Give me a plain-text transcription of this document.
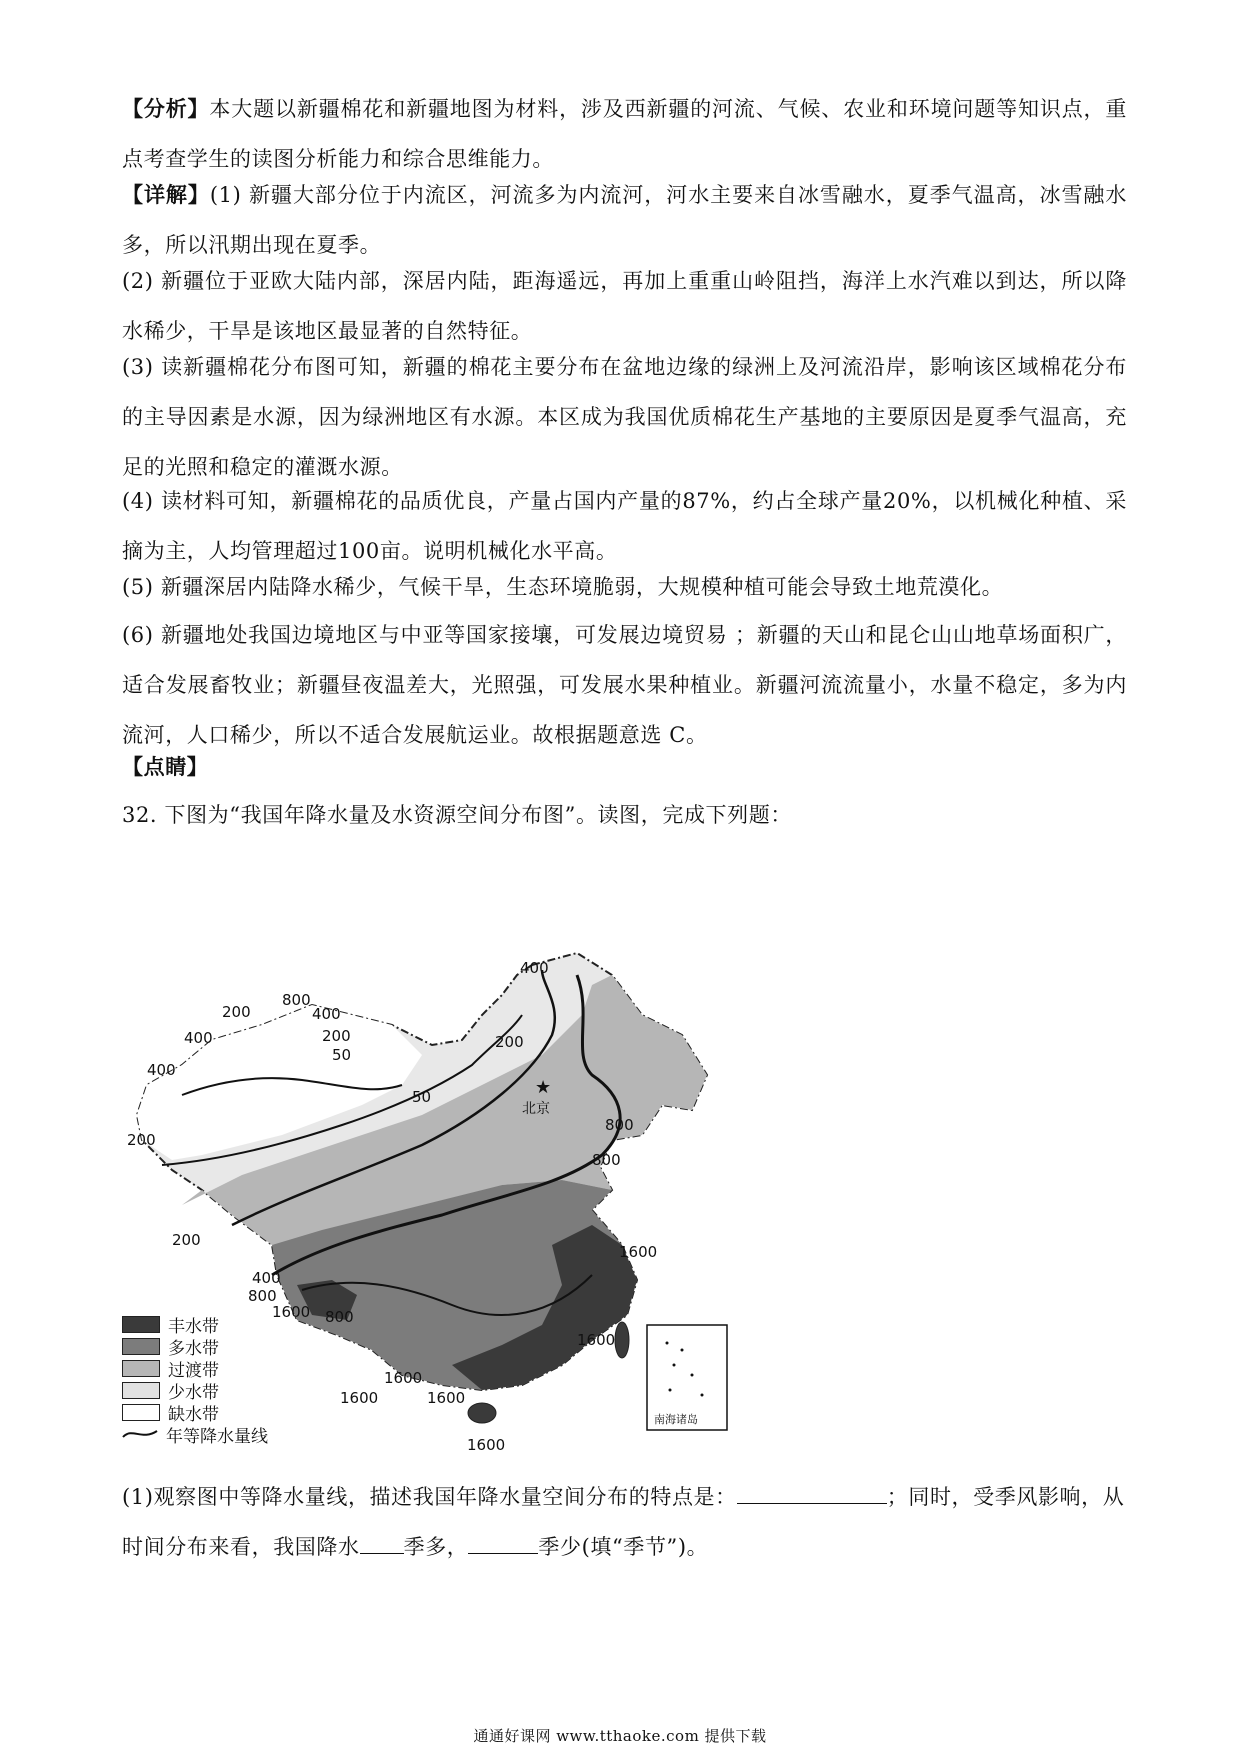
【分析】本大题以新疆棉花和新疆地图为材料，涉及西新疆的河流、气候、农业和环境问题等知识点，重点考查学生的读图分析能力和综合思维能力。
【详解】(1) 新疆大部分位于内流区，河流多为内流河，河水主要来自冰雪融水，夏季气温高，冰雪融水多，所以汛期出现在夏季。
(2) 新疆位于亚欧大陆内部，深居内陆，距海遥远，再加上重重山岭阻挡，海洋上水汽难以到达，所以降水稀少，干旱是该地区最显著的自然特征。
(3) 读新疆棉花分布图可知，新疆的棉花主要分布在盆地边缘的绿洲上及河流沿岸，影响该区域棉花分布的主导因素是水源，因为绿洲地区有水源。本区成为我国优质棉花生产基地的主要原因是夏季气温高，充足的光照和稳定的灌溉水源。
(4) 读材料可知，新疆棉花的品质优良，产量占国内产量的87%，约占全球产量20%，以机械化种植、采摘为主，人均管理超过100亩。说明机械化水平高。
(5) 新疆深居内陆降水稀少，气候干旱，生态环境脆弱，大规模种植可能会导致土地荒漠化。
(6) 新疆地处我国边境地区与中亚等国家接壤，可发展边境贸易 ；新疆的天山和昆仑山山地草场面积广，适合发展畜牧业；新疆昼夜温差大，光照强，可发展水果种植业。新疆河流流量小，水量不稳定，多为内流河，人口稀少，所以不适合发展航运业。故根据题意选 C。
【点睛】
32. 下图为“我国年降水量及水资源空间分布图”。读图，完成下列题：
★
北京
400
800
200	400
200
50
400
400
50
200
800
200
800
200
400
800
1600
1600
800
1600
1600
1600	1600
1600
南海诸岛
丰水带
多水带
过渡带
少水带
缺水带
年等降水量线
(1)观察图中等降水量线，描述我国年降水量空间分布的特点是：	；同时，受季风影响，从
时间分布来看，我国降水 季多，	季少(填“季节”)。
通通好课网 www.tthaoke.com 提供下载
